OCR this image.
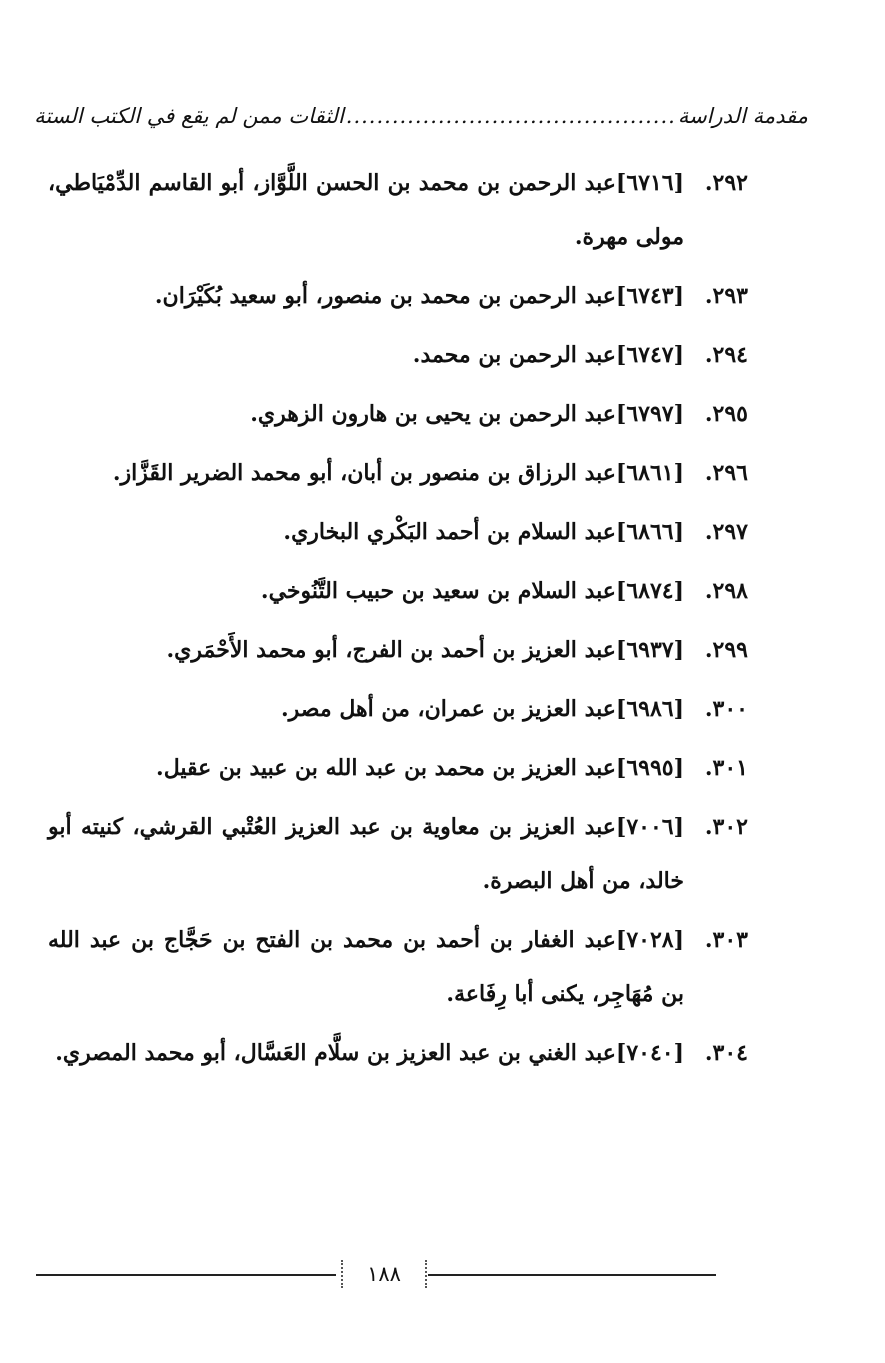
مقدمة الدراسة
...........................................
الثقات ممن لم يقع في الكتب الستة
٢٩٢.
[٦٧١٦]عبد الرحمن بن محمد بن الحسن اللَّوَّاز، أبو القاسم الدِّمْيَاطي، مولى مهرة.
٢٩٣.
[٦٧٤٣]عبد الرحمن بن محمد بن منصور، أبو سعيد بُكَيْرَان.
٢٩٤.
[٦٧٤٧]عبد الرحمن بن محمد.
٢٩٥.
[٦٧٩٧]عبد الرحمن بن يحيى بن هارون الزهري.
٢٩٦.
[٦٨٦١]عبد الرزاق بن منصور بن أبان، أبو محمد الضرير القَزَّاز.
٢٩٧.
[٦٨٦٦]عبد السلام بن أحمد البَكْري البخاري.
٢٩٨.
[٦٨٧٤]عبد السلام بن سعيد بن حبيب التَّنُوخي.
٢٩٩.
[٦٩٣٧]عبد العزيز بن أحمد بن الفرج، أبو محمد الأَحْمَري.
٣٠٠.
[٦٩٨٦]عبد العزيز بن عمران، من أهل مصر.
٣٠١.
[٦٩٩٥]عبد العزيز بن محمد بن عبد الله بن عبيد بن عقيل.
٣٠٢.
[٧٠٠٦]عبد العزيز بن معاوية بن عبد العزيز العُتْبي القرشي، كنيته أبو خالد، من أهل البصرة.
٣٠٣.
[٧٠٢٨]عبد الغفار بن أحمد بن محمد بن الفتح بن حَجَّاج بن عبد الله بن مُهَاجِر، يكنى أبا رِفَاعة.
٣٠٤.
[٧٠٤٠]عبد الغني بن عبد العزيز بن سلَّام العَسَّال، أبو محمد المصري.
١٨٨
